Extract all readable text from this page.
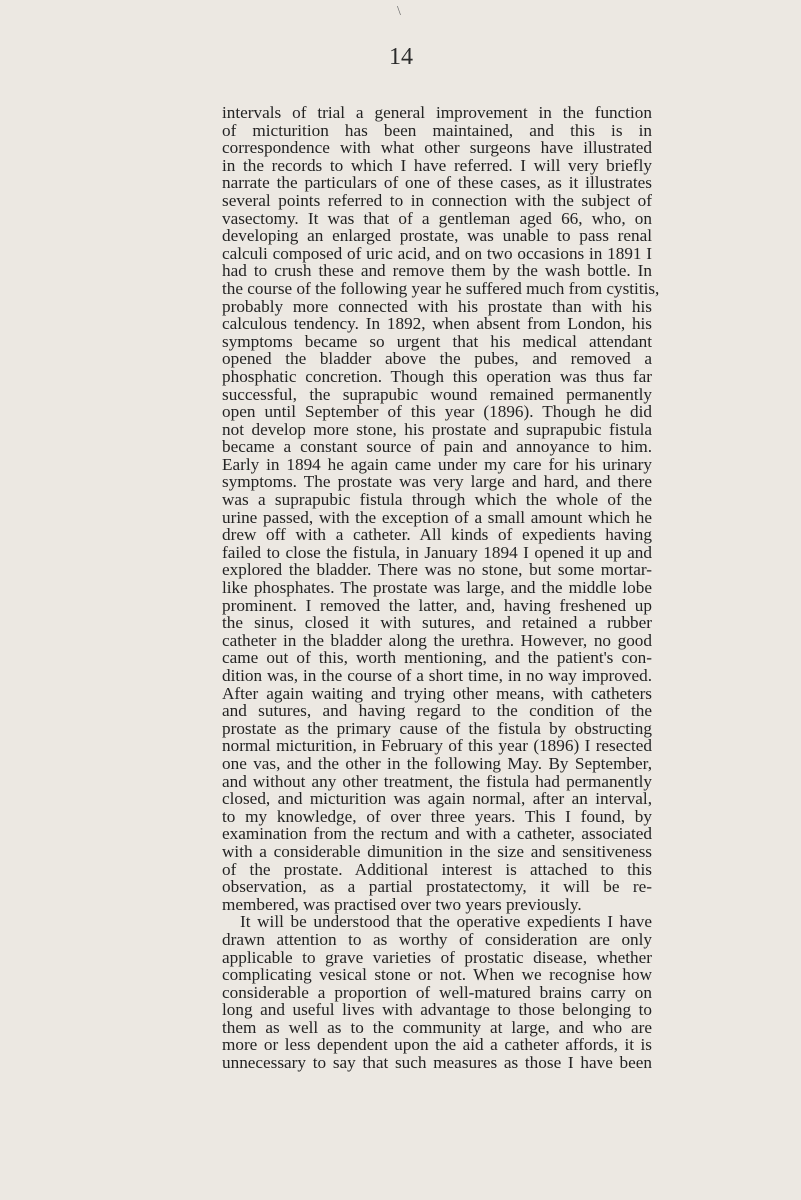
\
14
intervals of trial a general improvement in the function
of micturition has been maintained, and this is in
correspondence with what other surgeons have illustrated
in the records to which I have referred. I will very briefly
narrate the particulars of one of these cases, as it illustrates
several points referred to in connection with the subject of
vasectomy. It was that of a gentleman aged 66, who, on
developing an enlarged prostate, was unable to pass renal
calculi composed of uric acid, and on two occasions in 1891 I
had to crush these and remove them by the wash bottle. In
the course of the following year he suffered much from cystitis,
probably more connected with his prostate than with his
calculous tendency. In 1892, when absent from London, his
symptoms became so urgent that his medical attendant
opened the bladder above the pubes, and removed a
phosphatic concretion. Though this operation was thus far
successful, the suprapubic wound remained permanently
open until September of this year (1896). Though he did
not develop more stone, his prostate and suprapubic fistula
became a constant source of pain and annoyance to him.
Early in 1894 he again came under my care for his urinary
symptoms. The prostate was very large and hard, and there
was a suprapubic fistula through which the whole of the
urine passed, with the exception of a small amount which he
drew off with a catheter. All kinds of expedients having
failed to close the fistula, in January 1894 I opened it up and
explored the bladder. There was no stone, but some mortar-
like phosphates. The prostate was large, and the middle lobe
prominent. I removed the latter, and, having freshened up
the sinus, closed it with sutures, and retained a rubber
catheter in the bladder along the urethra. However, no good
came out of this, worth mentioning, and the patient's con-
dition was, in the course of a short time, in no way improved.
After again waiting and trying other means, with catheters
and sutures, and having regard to the condition of the
prostate as the primary cause of the fistula by obstructing
normal micturition, in February of this year (1896) I resected
one vas, and the other in the following May. By September,
and without any other treatment, the fistula had permanently
closed, and micturition was again normal, after an interval,
to my knowledge, of over three years. This I found, by
examination from the rectum and with a catheter, associated
with a considerable dimunition in the size and sensitiveness
of the prostate. Additional interest is attached to this
observation, as a partial prostatectomy, it will be re-
membered, was practised over two years previously.
It will be understood that the operative expedients I have
drawn attention to as worthy of consideration are only
applicable to grave varieties of prostatic disease, whether
complicating vesical stone or not. When we recognise how
considerable a proportion of well-matured brains carry on
long and useful lives with advantage to those belonging to
them as well as to the community at large, and who are
more or less dependent upon the aid a catheter affords, it is
unnecessary to say that such measures as those I have been
